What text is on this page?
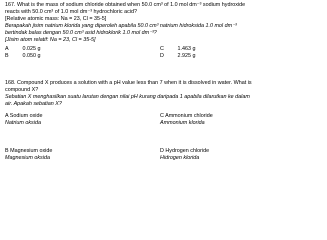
167. What is the mass of sodium chloride obtained when 50.0 cm³ of 1.0 mol dm⁻³ sodium hydroxide
reacts with 50.0 cm³ of 1.0 mol dm⁻³ hydrochloric acid?
[Relative atomic mass: Na = 23, Cl = 35-5]
Berapakah jisim natrium klorida yang diperoleh apabila 50.0 cm³ natrium hidroksida 1.0 mol dm⁻³
bertindak balas dengan 50.0 cm³ asid hidroklorik 1.0 mol dm⁻³?
[Jisim atom relatif: Na = 23, Cl = 35-5]
A	0.025 g
B	0.050 g
C	1.463 g
D	2.925 g
168. Compound X produces a solution with a pH value less than 7 when it is dissolved in water. What is
compound X?
Sebatian X menghasilkan suatu larutan dengan nilai pH kurang daripada 1 apabila dilarutkan ke dalam
air. Apakah sebatian X?
A Sodium oxide
Natrium oksida
C Ammonium chloride
Ammonium klorida
B Magnesium oxide
Magnesium oksida
D Hydrogen chloride
Hidrogen klorida
